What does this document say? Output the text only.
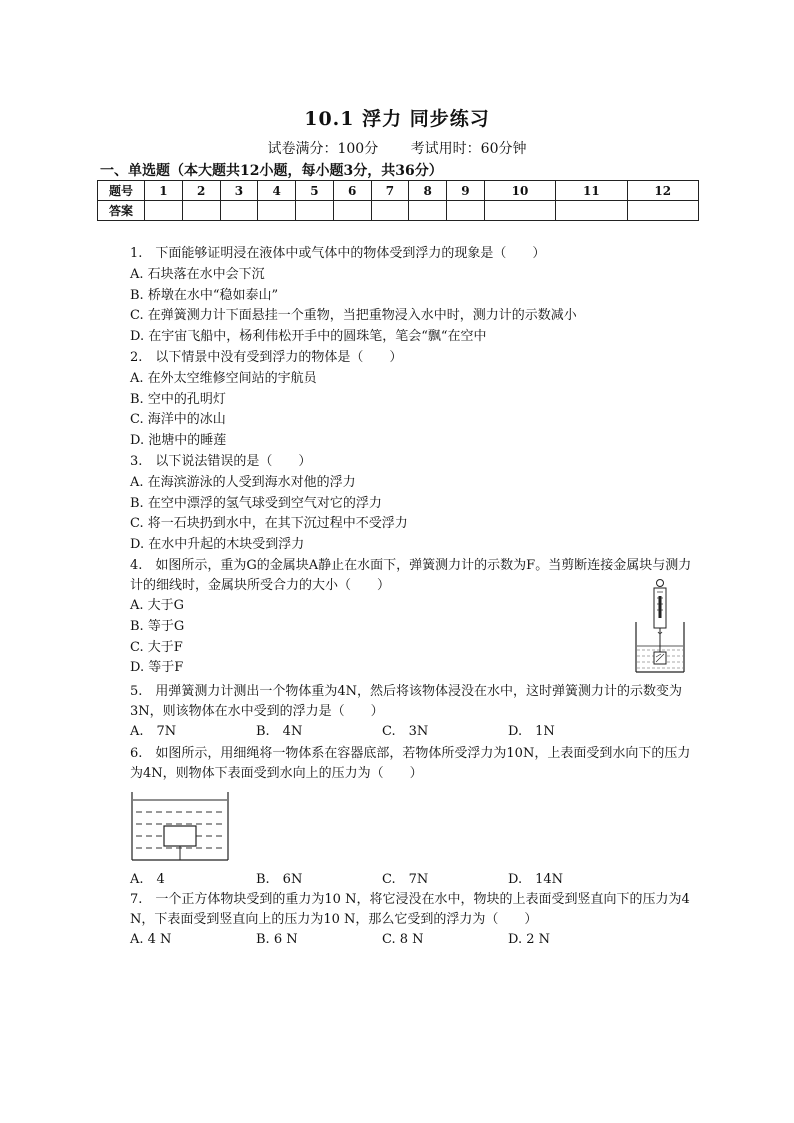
10.1 浮力 同步练习
试卷满分：100分 考试用时：60分钟
一、单选题（本大题共12小题，每小题3分，共36分）
题号	1	2	3	4	5	6	7	8	9	10	11	12
答案												

1.　下面能够证明浸在液体中或气体中的物体受到浮力的现象是（　　）

A. 石块落在水中会下沉

B. 桥墩在水中“稳如泰山”

C. 在弹簧测力计下面悬挂一个重物，当把重物浸入水中时，测力计的示数减小

D. 在宇宙飞船中，杨利伟松开手中的圆珠笔，笔会“飘“在空中

2.　以下情景中没有受到浮力的物体是（　　）

A. 在外太空维修空间站的宇航员

B. 空中的孔明灯

C. 海洋中的冰山

D. 池塘中的睡莲

3.　以下说法错误的是（　　）

A. 在海滨游泳的人受到海水对他的浮力

B. 在空中漂浮的氢气球受到空气对它的浮力

C. 将一石块扔到水中，在其下沉过程中不受浮力

D. 在水中升起的木块受到浮力

4.　如图所示，重为G的金属块A静止在水面下，弹簧测力计的示数为F。当剪断连接金属块与测力计的细线时，金属块所受合力的大小（　　）

A. 大于G

B. 等于G

C. 大于F

D. 等于F

5.　用弹簧测力计测出一个物体重为4N，然后将该物体浸没在水中，这时弹簧测力计的示数变为3N，则该物体在水中受到的浮力是（　　）

A.　7N	B.　4N	C.　3N	D.　1N

6.　如图所示，用细绳将一物体系在容器底部，若物体所受浮力为10N，上表面受到水向下的压力为4N，则物体下表面受到水向上的压力为（　　）

A.　4	B.　6N	C.　7N	D.　14N

7.　一个正方体物块受到的重力为10 N，将它浸没在水中，物块的上表面受到竖直向下的压力为4 N，下表面受到竖直向上的压力为10 N，那么它受到的浮力为（　　）

A. 4 N	B. 6 N	C. 8 N	D. 2 N
